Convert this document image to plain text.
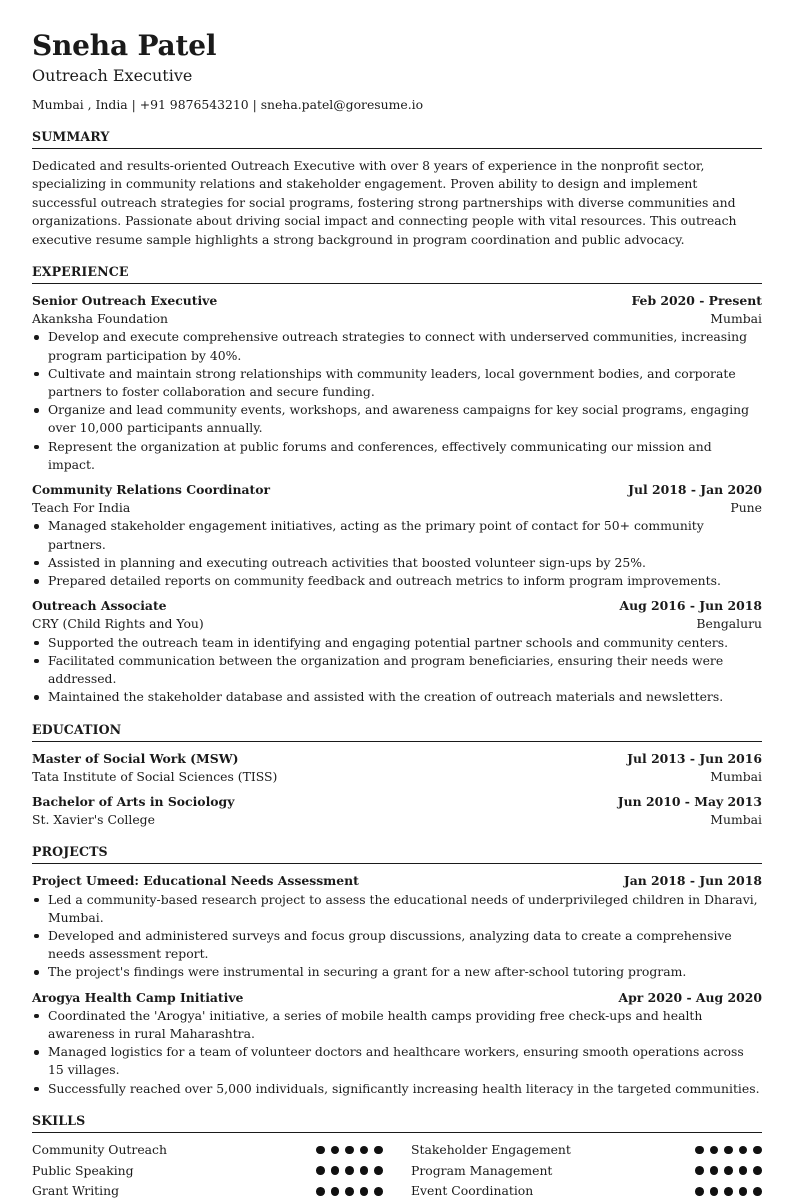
Sneha Patel
Outreach Executive
Mumbai , India | +91 9876543210 | sneha.patel@goresume.io
SUMMARY

Dedicated and results-oriented Outreach Executive with over 8 years of experience in the nonprofit sector, specializing in community relations and stakeholder engagement. Proven ability to design and implement successful outreach strategies for social programs, fostering strong partnerships with diverse communities and organizations. Passionate about driving social impact and connecting people with vital resources. This outreach executive resume sample highlights a strong background in program coordination and public advocacy.

EXPERIENCE
Senior Outreach Executive	Feb 2020 - Present
Akanksha Foundation	Mumbai
Develop and execute comprehensive outreach strategies to connect with underserved communities, increasing program participation by 40%.
Cultivate and maintain strong relationships with community leaders, local government bodies, and corporate partners to foster collaboration and secure funding.
Organize and lead community events, workshops, and awareness campaigns for key social programs, engaging over 10,000 participants annually.
Represent the organization at public forums and conferences, effectively communicating our mission and impact.
Community Relations Coordinator	Jul 2018 - Jan 2020
Teach For India	Pune
Managed stakeholder engagement initiatives, acting as the primary point of contact for 50+ community partners.
Assisted in planning and executing outreach activities that boosted volunteer sign-ups by 25%.
Prepared detailed reports on community feedback and outreach metrics to inform program improvements.
Outreach Associate	Aug 2016 - Jun 2018
CRY (Child Rights and You)	Bengaluru
Supported the outreach team in identifying and engaging potential partner schools and community centers.
Facilitated communication between the organization and program beneficiaries, ensuring their needs were addressed.
Maintained the stakeholder database and assisted with the creation of outreach materials and newsletters.
EDUCATION
Master of Social Work (MSW)	Jul 2013 - Jun 2016
Tata Institute of Social Sciences (TISS)	Mumbai
Bachelor of Arts in Sociology	Jun 2010 - May 2013
St. Xavier's College	Mumbai
PROJECTS
Project Umeed: Educational Needs Assessment	Jan 2018 - Jun 2018
Led a community-based research project to assess the educational needs of underprivileged children in Dharavi, Mumbai.
Developed and administered surveys and focus group discussions, analyzing data to create a comprehensive needs assessment report.
The project's findings were instrumental in securing a grant for a new after-school tutoring program.
Arogya Health Camp Initiative	Apr 2020 - Aug 2020
Coordinated the 'Arogya' initiative, a series of mobile health camps providing free check-ups and health awareness in rural Maharashtra.
Managed logistics for a team of volunteer doctors and healthcare workers, ensuring smooth operations across 15 villages.
Successfully reached over 5,000 individuals, significantly increasing health literacy in the targeted communities.
SKILLS
Community Outreach	Stakeholder Engagement
Public Speaking	Program Management
Grant Writing	Event Coordination
